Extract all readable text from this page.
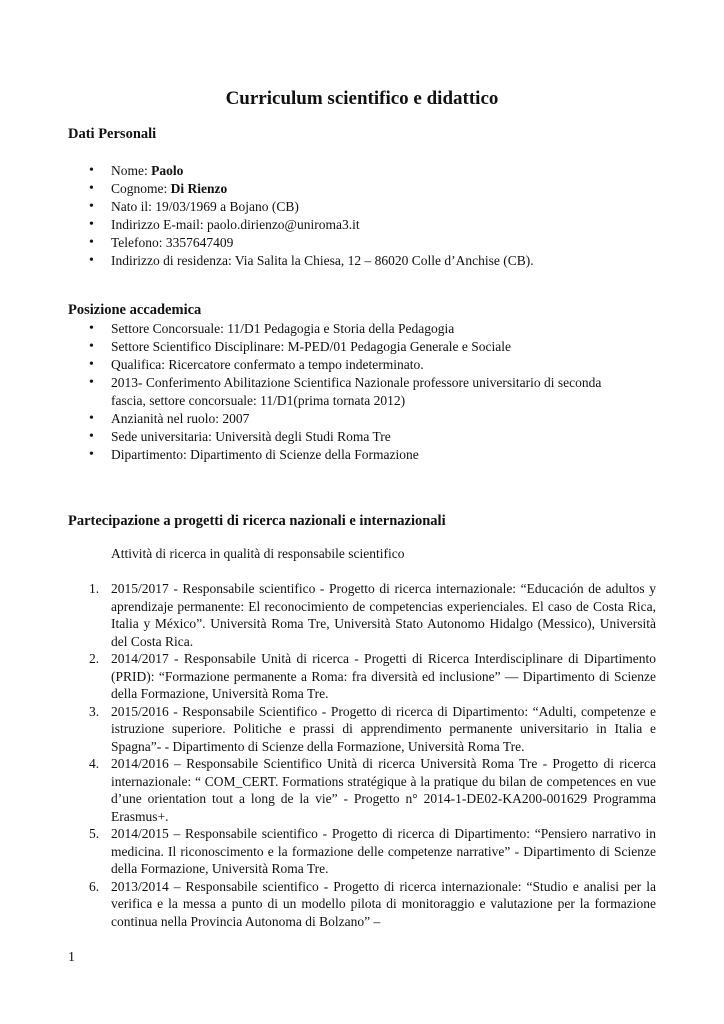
Curriculum scientifico e didattico
Dati Personali
• Nome: Paolo
• Cognome: Di Rienzo
• Nato il: 19/03/1969 a Bojano (CB)
• Indirizzo E-mail: paolo.dirienzo@uniroma3.it
• Telefono: 3357647409
• Indirizzo di residenza: Via Salita la Chiesa, 12 – 86020 Colle d’Anchise (CB).
Posizione accademica
• Settore Concorsuale: 11/D1 Pedagogia e Storia della Pedagogia
• Settore Scientifico Disciplinare: M-PED/01 Pedagogia Generale e Sociale
• Qualifica: Ricercatore confermato a tempo indeterminato.
• 2013- Conferimento Abilitazione Scientifica Nazionale professore universitario di seconda fascia, settore concorsuale: 11/D1(prima tornata 2012)
• Anzianità nel ruolo: 2007
• Sede universitaria: Università degli Studi Roma Tre
• Dipartimento: Dipartimento di Scienze della Formazione
Partecipazione a progetti di ricerca nazionali e internazionali
Attività di ricerca in qualità di responsabile scientifico
1. 2015/2017 - Responsabile scientifico - Progetto di ricerca internazionale: “Educación de adultos y aprendizaje permanente: El reconocimiento de competencias experienciales. El caso de Costa Rica, Italia y México”. Università Roma Tre, Università Stato Autonomo Hidalgo (Messico), Università del Costa Rica.
2. 2014/2017 - Responsabile Unità di ricerca - Progetti di Ricerca Interdisciplinare di Dipartimento (PRID): “Formazione permanente a Roma: fra diversità ed inclusione” –– Dipartimento di Scienze della Formazione, Università Roma Tre.
3. 2015/2016 - Responsabile Scientifico - Progetto di ricerca di Dipartimento: “Adulti, competenze e istruzione superiore. Politiche e prassi di apprendimento permanente universitario in Italia e Spagna”- - Dipartimento di Scienze della Formazione, Università Roma Tre.
4. 2014/2016 – Responsabile Scientifico Unità di ricerca Università Roma Tre - Progetto di ricerca internazionale: “ COM_CERT. Formations stratégique à la pratique du bilan de competences en vue d’une orientation tout a long de la vie” - Progetto n° 2014-1-DE02-KA200-001629 Programma Erasmus+.
5. 2014/2015 – Responsabile scientifico - Progetto di ricerca di Dipartimento: “Pensiero narrativo in medicina. Il riconoscimento e la formazione delle competenze narrative” - Dipartimento di Scienze della Formazione, Università Roma Tre.
6. 2013/2014 – Responsabile scientifico - Progetto di ricerca internazionale: “Studio e analisi per la verifica e la messa a punto di un modello pilota di monitoraggio e valutazione per la formazione continua nella Provincia Autonoma di Bolzano” –
1
